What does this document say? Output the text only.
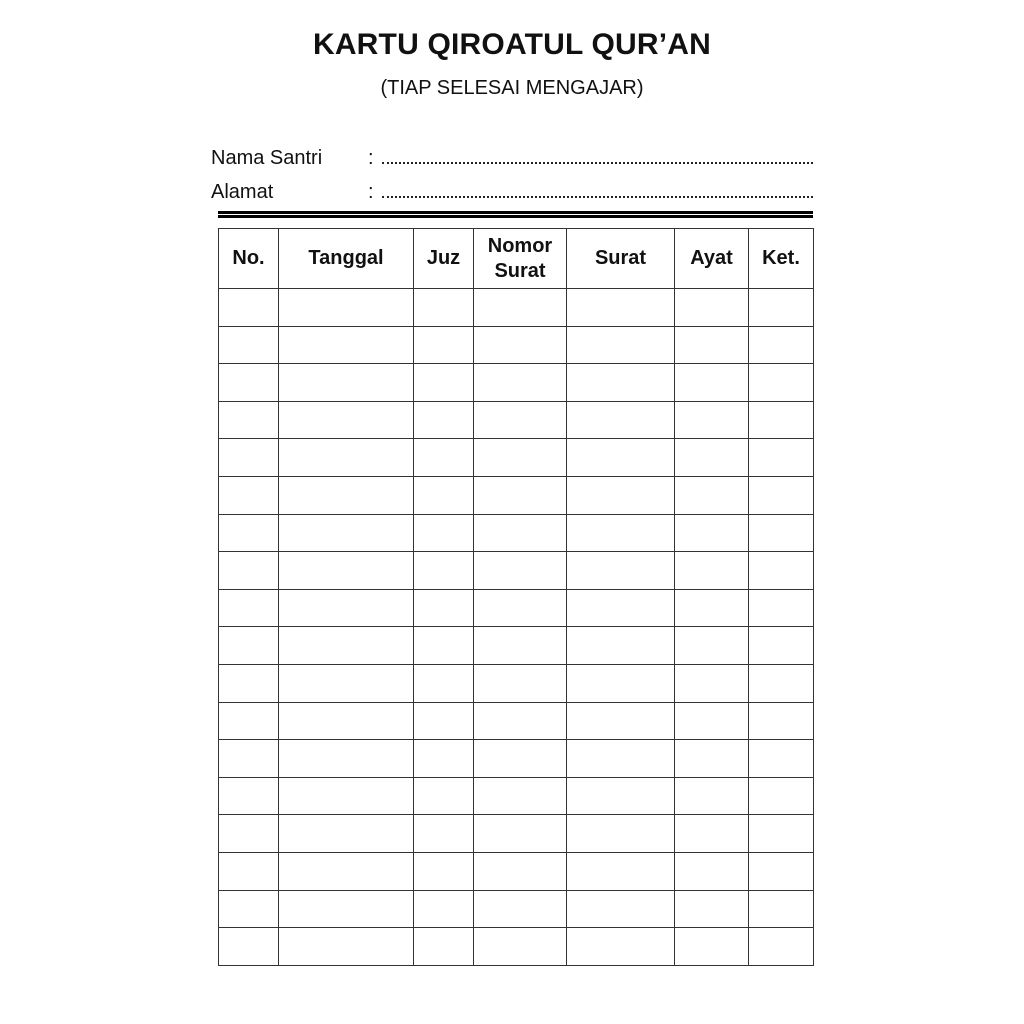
KARTU QIROATUL QUR’AN
(TIAP SELESAI MENGAJAR)
Nama Santri	:
Alamat	:
No.	Tanggal	Juz	Nomor Surat	Surat	Ayat	Ket.
